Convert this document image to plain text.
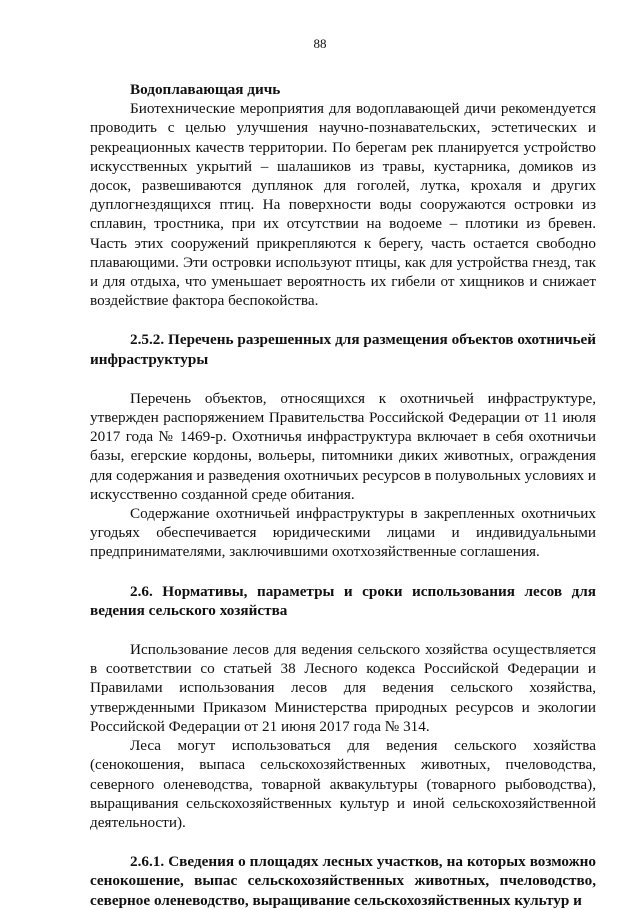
88

Водоплавающая дичь

Биотехнические мероприятия для водоплавающей дичи рекомендуется проводить с целью улучшения научно-познавательских, эстетических и рекреационных качеств территории. По берегам рек планируется устройство искусственных укрытий – шалашиков из травы, кустарника, домиков из досок, развешиваются дуплянок для гоголей, лутка, крохаля и других дуплогнездящихся птиц. На поверхности воды сооружаются островки из сплавин, тростника, при их отсутствии на водоеме – плотики из бревен. Часть этих сооружений прикрепляются к берегу, часть остается свободно плавающими. Эти островки используют птицы, как для устройства гнезд, так и для отдыха, что уменьшает вероятность их гибели от хищников и снижает воздействие фактора беспокойства.

2.5.2. Перечень разрешенных для размещения объектов охотничьей инфраструктуры

Перечень объектов, относящихся к охотничьей инфраструктуре, утвержден распоряжением Правительства Российской Федерации от 11 июля 2017 года № 1469-р. Охотничья инфраструктура включает в себя охотничьи базы, егерские кордоны, вольеры, питомники диких животных, ограждения для содержания и разведения охотничьих ресурсов в полувольных условиях и искусственно созданной среде обитания.

Содержание охотничьей инфраструктуры в закрепленных охотничьих угодьях обеспечивается юридическими лицами и индивидуальными предпринимателями, заключившими охотхозяйственные соглашения.

2.6. Нормативы, параметры и сроки использования лесов для ведения сельского хозяйства

Использование лесов для ведения сельского хозяйства осуществляется в соответствии со статьей 38 Лесного кодекса Российской Федерации и Правилами использования лесов для ведения сельского хозяйства, утвержденными Приказом Министерства природных ресурсов и экологии Российской Федерации от 21 июня 2017 года № 314.

Леса могут использоваться для ведения сельского хозяйства (сенокошения, выпаса сельскохозяйственных животных, пчеловодства, северного оленеводства, товарной аквакультуры (товарного рыбоводства), выращивания сельскохозяйственных культур и иной сельскохозяйственной деятельности).

2.6.1. Сведения о площадях лесных участков, на которых возможно сенокошение, выпас сельскохозяйственных животных, пчеловодство, северное оленеводство, выращивание сельскохозяйственных культур и
